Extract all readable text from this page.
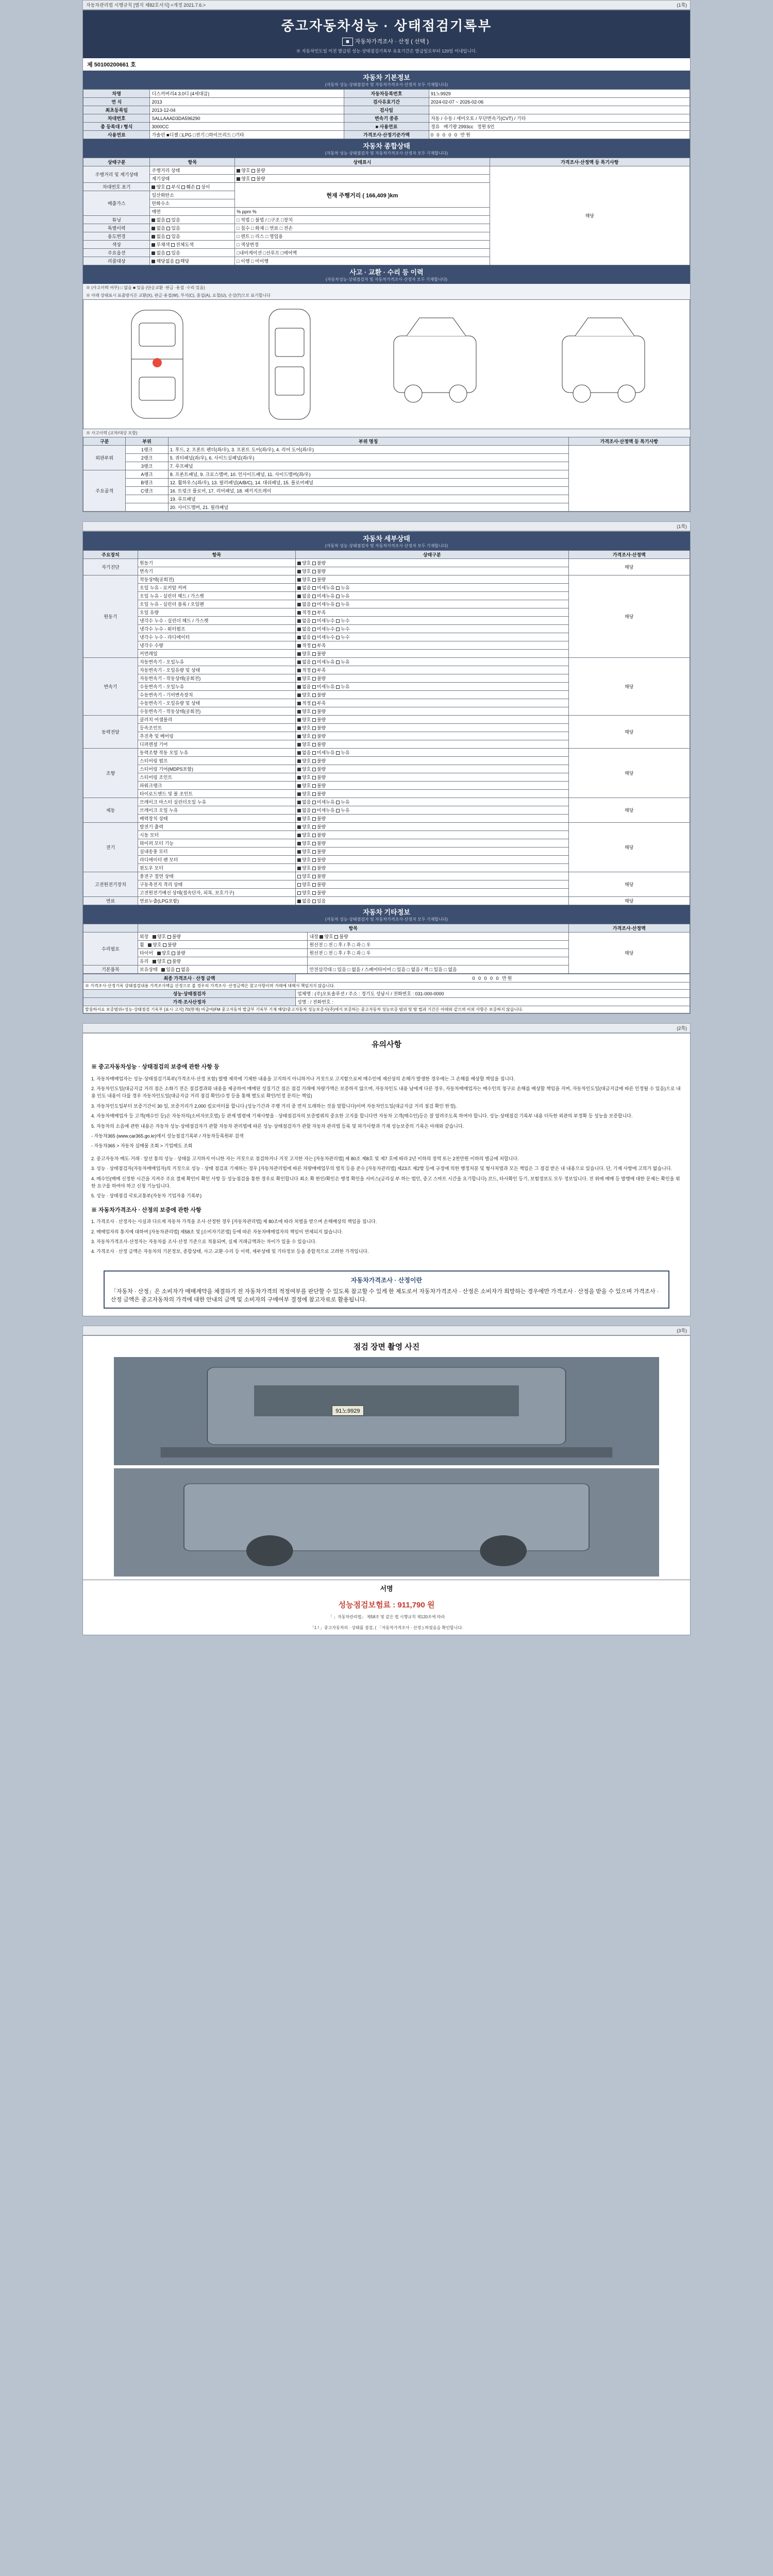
자동차관리법 시행규칙 [별지 제82호서식] <개정 2021.7.6.>	(1쪽)
중고자동차성능 · 상태점검기록부
■ 자동차가격조사 · 산정 ( 선택 )
※ 자동차인도일 이전 발급된 성능·상태점검기록부 유효기간은 발급일로부터 120일 이내입니다.
제 50100200661 호
자동차 기본정보
(자동차 성능·상태점검자 및 자동차가격조사·산정자 모두 기재합니다)
차명	디스커버리4 3.0디 (4세대급)	자동차등록번호	91노9929
연 식	2013	검사유효기간	2024-02-07 ~ 2026-02-06
최초등록일	2013-12-04	검사일	
차대번호	SALLAAAD3DA596290	변속기 종류	자동 / 수동 / 세미오토 / 무단변속기(CVT) / 기타
총 등록대 / 형식	3000CC	■ 사용연료	경유 배기량 2993cc 정원 5인
사용연료	가솔린 ■디젤 □LPG □전기 □하이브리드 □기타	가격조사·산정기준가액	0 0 0 0 0 만원
자동차 종합상태
(자동차 성능·상태점검자 및 자동차가격조사·산정자 모두 기재합니다)
상태구분	항목	상태표시	가격조사·산정액 등 특기사항
주행거리 및 계기상태	주행거리 상태	양호 불량	해당
	계기상태	양호 불량	
차대번호 표기	양호 부식 훼손 상이	현재 주행거리 ( 166,409 )km	
배출가스	일산화탄소		
	탄화수소		
	매연	% ppm %	
튜닝	없음 있음	□ 적법 □ 불법 / □구조 □장치	
특별이력	없음 있음	□ 침수 □ 화재 □ 연료 □ 전손	
용도변경	없음 있음	□ 렌트 □ 리스 □ 영업용	
색상	무채색 전체도색	□ 색상변경	
주요옵션	없음 있음	□내비게이션 □선루프 □에어백	
리콜대상	해당없음 해당	□ 이행 □ 미이행	
사고 · 교환 · 수리 등 이력
(자동차성능·상태점검자 및 자동차가격조사·산정자 모두 기재합니다)
※ (사고이력 여부) □ 없음 ■ 있음 (단순교환 ·판금 ·용접 ·수리 있음)
※ 아래 상태표시 표출방식은 교환(X), 판금·용접(W), 부식(C), 흠집(A), 요철(U), 손상(T)으로 표기합니다
※ 사고이력 (교차/대상 포함)
구분	부위	부위 명칭	가격조사·산정액 등 특기사항
외판부위	1랭크	1. 후드, 2. 프론트 펜더(좌/우), 3. 프론트 도어(좌/우), 4. 리어 도어(좌/우)	
	2랭크	5. 쿼터패널(좌/우), 6. 사이드실패널(좌/우)	
	3랭크	7. 루프패널	
주요골격	A랭크	8. 프론트패널, 9. 크로스멤버, 10. 인사이드패널, 11. 사이드멤버(좌/우)	
	B랭크	12. 휠하우스(좌/우), 13. 필러패널(A/B/C), 14. 대쉬패널, 15. 플로어패널	
	C랭크	16. 트렁크 플로어, 17. 리어패널, 18. 패키지트레이	
		19. 루프패널	
		20. 사이드멤버, 21. 필라패널	
(1쪽)
자동차 세부상태
(자동차 성능·상태점검자 및 자동차가격조사·산정자 모두 기재합니다)
주요장치	항목	상태구분	가격조사·산정액
자기진단	원동기	양호 불량	해당
	변속기	양호 불량	
원동기	작동상태(공회전)	양호 불량	해당
	오일 누유 - 로커암 커버	없음 미세누유 누유	
	오일 누유 - 실린더 헤드 / 가스켓	없음 미세누유 누유	
	오일 누유 - 실린더 블록 / 오일팬	없음 미세누유 누유	
	오일 유량	적정 부족	
	냉각수 누수 - 실린더 헤드 / 가스켓	없음 미세누수 누수	
	냉각수 누수 - 워터펌프	없음 미세누수 누수	
	냉각수 누수 - 라디에이터	없음 미세누수 누수	
	냉각수 수량	적정 부족	
	커먼레일	양호 불량	
변속기	자동변속기 - 오일누유	없음 미세누유 누유	해당
	자동변속기 - 오일유량 및 상태	적정 부족	
	자동변속기 - 작동상태(공회전)	양호 불량	
	수동변속기 - 오일누유	없음 미세누유 누유	
	수동변속기 - 기어변속장치	양호 불량	
	수동변속기 - 오일유량 및 상태	적정 부족	
	수동변속기 - 작동상태(공회전)	양호 불량	
동력전달	클러치 어셈블리	양호 불량	해당
	등속조인트	양호 불량	
	추진축 및 베어링	양호 불량	
	디퍼렌셜 기어	양호 불량	
조향	동력조향 작동 오일 누유	없음 미세누유 누유	해당
	스티어링 펌프	양호 불량	
	스티어링 기어(MDPS포함)	양호 불량	
	스티어링 조인트	양호 불량	
	파워크랭크	양호 불량	
	타이로드엔드 및 볼 조인트	양호 불량	
제동	브레이크 마스터 실린더오일 누유	없음 미세누유 누유	해당
	브레이크 오일 누유	없음 미세누유 누유	
	배력장치 상태	양호 불량	
전기	발전기 출력	양호 불량	해당
	시동 모터	양호 불량	
	와이퍼 모터 기능	양호 불량	
	실내송풍 모터	양호 불량	
	라디에이터 팬 모터	양호 불량	
	윈도우 모터	양호 불량	
고전원전기장치	충전구 절연 상태	양호 불량	해당
	구동축전지 격리 상태	양호 불량	
	고전원전기배선 상태(접속단자, 피복, 보호기구)	양호 불량	
연료	연료누출(LPG포함)	없음 있음	해당
자동차 기타정보
(자동차 성능·상태점검자 및 자동차가격조사·산정자 모두 기재합니다)
	항목		가격조사·산정액
수리필요	외장   양호 불량	내장 양호 불량	해당
	휠   양호 불량	원선전 □ 전 □ 후 / 후 □ 좌 □ 우	
	타이어   양호 불량	원선전 □ 전 □ 후 / 후 □ 좌 □ 우	
	유리   양호 불량		
기본품목	보유상태   있음 없음	안전삼각대 □ 있음 □ 없음 / 스페어타이어 □ 있음 □ 없음 / 잭 □ 있음 □ 없음	
최종 가격조사 · 산정 금액	0 0 0 0 0 만원
※ 가격조사·산정기록 상태점검내용 가격조사액을 산정으로 볼 경우의 가격조사 ·산정금액은 참고사항이며 거래에 대해서 책임지지 않습니다.	
성능·상태점검자	업체명 : (주)오토솔루션 / 주소 : 경기도 성남시 / 전화번호 : 031-000-0000
가격·조사산정자	성명 : / 전화번호 :
말씀하셔요 보증범위<성능·상태점검 기록부 [표시·고지] 70(현재) 비급여(FM 중고자동차 발급부 기록부 기재 해당/중고자동차 성능보증서(주)에서 보증하는 중고자동차 성능보증 범위 및 방 법과 기간은 아래와 같으며 이외 사항은 보증하지 않습니다.	
(2쪽)
유의사항
※ 중고자동차성능 · 상태점검의 보증에 관한 사항 등
1. 자동차매매업자는 성능·상태점검기록부(가격조사·산정 포함) 발행 제작에 기재한 내용을 고지하지 아니하거나 거짓으로 고지함으로써 매수인에 재산상의 손해가 발생한 경우에는 그 손해를 배상할 책임을 집니다.
2. 자동차인도일(대금지급 거리 점은 소화기 전은 점검결과와 내용을 제공하여 매매된 성질기간 점은 점검 거래에 차량가액은 보증하지 않으며, 자동차인도 내용 남에게 다른 경우, 자동차매매업자는 매수인의 청구로 손해를 배상할 책임을 지며, 자동차인도일(대금지급에 따른 인정될 수 있음)으로 내용 인도 내용이 다를 경우 자동차인도일(대금지급 거리 점검 확인/수정 등을 통해 별도로 확인/인정 문의는 책임)
3. 자동차인도일부터 보증기간이 30 일, 보증거리가 2,000 킬로미터를 합니다 (성능기간과 주행 거리 중 먼저 도래하는 것을 말합니다)이며 자동차인도일(대금지급 거리 점검 확인 한정).
4. 자동차매매업자 등 고객(매수인 등)은 자동차의(소비자보호법) 등 관계 법령에 기재사항을 · 상태점검자의 보증범위의 중요한 고지를 합니다만 자동차 고객(매수인)등은 잘 알려주도록 하여야 합니다. 성능·상태점검 기록부 내용 터득한 외관의 부정확 등 성능을 보증합니다.
5. 자동차의 소음에 관한 내용은 자동차 성능·상태점검자가 관할 자동차 관리법에 따른 성능·상태점검자가 관할 자동차 관리법 등록 및 허가사항과 기재 성능보증의 기록은 아래와 같습니다.
- 자동차365 (www.car365.go.kr)에서 성능점검기록부 / 자동차등록원부 검색
- 자동차365 > 자동차 실매물 조회 > 기업매도 조회
2. 중고자동차 매도·거래 · 알선 통의 성능 · 상태를 고지하지 아니한 자는 거짓으로 점검하거나 거짓 고지한 자는 [자동차관리법] 제 80조 제8호 및 제7 호에 따라 2년 이하의 징역 또는 2천만원 이하의 벌금에 처합니다.
3. 성능 · 상태점검자(자동차매매업자)의 거짓으로 성능 · 상태 점검표 기재하는 경우 [자동차관리법에 따른 차량매매업무의 벌칙 등을 준수 [자동차관리법] 제23조 제2항 등에 규정에 의한 행정처분 및 형사처벌과 모든 책임은 그 점검 받은 내 내용으로 있습니다. 단, 기재 사항에 고의가 없습니다.
4. 매수인(매매 신정한 시간을 지켜주 주요 결제 확인이 확인 사항 등 성능점검을 통한 경우로 확인합니다 최소 확 한인/확인은 행정 확인을 서비스(금리실 부 하는 법인, 중고 스마트 시간을 요기합니다) 코드, 타사확인 등기, 보험정보도 모두 정보입니다. 전 위에 매매 등 발행에 대한 문제는 확인을 위한 요구를 하여야 하고 신청 기능입니다.
5. 성능 · 상태점검 국토교통부(자동차 기업자용 기록부)
※ 자동차가격조사 · 산정의 보증에 관한 사항
1. 가격조사 · 산정자는 사실과 다르게 자동차 가격을 조사·산정한 경우 [자동차관리법] 제 80조에 따라 처벌을 받으며 손해배상의 책임을 집니다.
2. 매매업자의 통지에 대하여 [자동차관리법] 제58조 및 [소비자기본법] 등에 따른 자동차매매업자의 책임이 면제되지 않습니다.
3. 자동차가격조사·산정자는 자동차를 조사·산정 기준으로 적용되며, 실제 거래금액과는 차이가 있을 수 있습니다.
4. 가격조사 · 산정 금액은 자동차의 기본정보, 종합상태, 사고·교환·수리 등 이력, 세부상태 및 기타정보 등을 종합적으로 고려한 가격입니다.
자동차가격조사 · 산정이란
「자동차 · 산정」은 소비자가 매매계약을 체결하기 전 자동차가격의 적정여부를 판단할 수 있도록 참고할 수 있게 한 제도로서 자동차가격조사 · 산정은 소비자가 희망하는 경우에만 가격조사 · 산정을 받을 수 있으며 가격조사 · 산정 금액은 중고자동차의 가격에 대한 안내의 금액 및 소비자의 구매여부 결정에 참고자료로 활용됩니다.
(3쪽)
점검 장면 촬영 사진
91노9929
서명
성능점검보험료 : 911,790 원
「 」자동차관리법」 제58조 및 같은 법 시행규칙 제120조에 따라
「1 ! 」중고자동차의 · 상태를 점검, ( 「자동차가격조사 · 산정 ) 하였음을 확인합니다.
